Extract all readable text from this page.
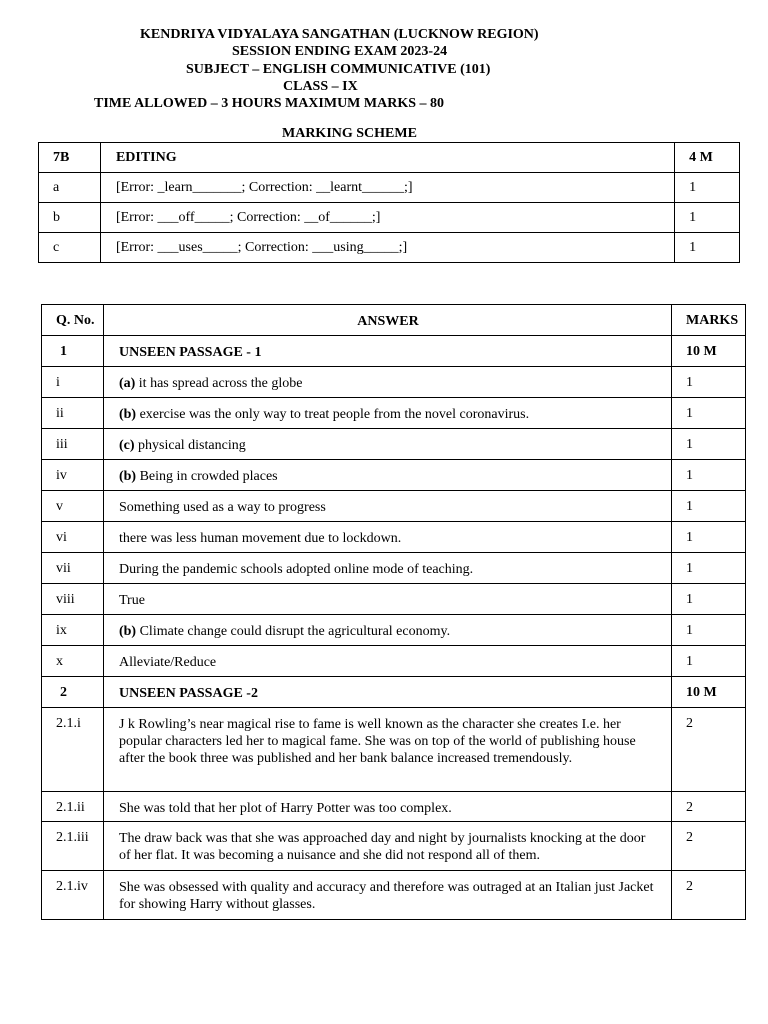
KENDRIYA VIDYALAYA SANGATHAN (LUCKNOW REGION)
SESSION ENDING EXAM 2023-24
SUBJECT – ENGLISH COMMUNICATIVE (101)
CLASS – IX
TIME ALLOWED – 3 HOURS MAXIMUM MARKS – 80
MARKING SCHEME
7B	EDITING	4 M
a	[Error: _learn_______; Correction: __learnt______;]	1
b	[Error: ___off_____; Correction: __of______;]	1
c	[Error: ___uses_____; Correction: ___using_____;]	1
Q. No.	ANSWER	MARKS
1	UNSEEN PASSAGE - 1	10 M
i	(a) it has spread across the globe	1
ii	(b) exercise was the only way to treat people from the novel coronavirus.	1
iii	(c) physical distancing	1
iv	(b) Being in crowded places	1
v	Something used as a way to progress	1
vi	there was less human movement due to lockdown.	1
vii	During the pandemic schools adopted online mode of teaching.	1
viii	True	1
ix	(b) Climate change could disrupt the agricultural economy.	1
x	Alleviate/Reduce	1
2	UNSEEN PASSAGE -2	10 M
2.1.i	J k Rowling’s near magical rise to fame is well known as the character she creates I.e. her popular characters led her to magical fame. She was on top of the world of publishing house after the book three was published and her bank balance increased tremendously.	2
2.1.ii	She was told that her plot of Harry Potter was too complex.	2
2.1.iii	The draw back was that she was approached day and night by journalists knocking at the door of her flat. It was becoming a nuisance and she did not respond all of them.	2
2.1.iv	She was obsessed with quality and accuracy and therefore was outraged at an Italian just Jacket for showing Harry without glasses.	2
